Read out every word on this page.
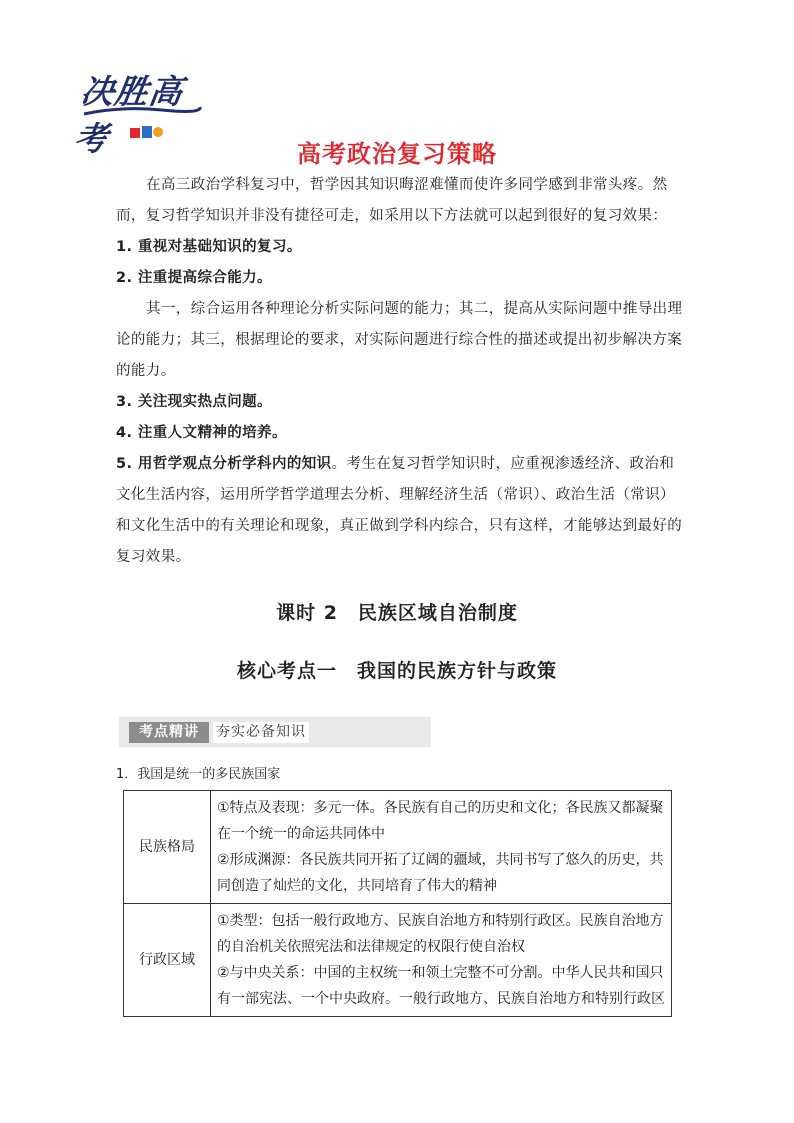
决胜高考	高考政治复习策略

在高三政治学科复习中，哲学因其知识晦涩难懂而使许多同学感到非常头疼。然而，复习哲学知识并非没有捷径可走，如采用以下方法就可以起到很好的复习效果：

1. 重视对基础知识的复习。

2. 注重提高综合能力。

其一，综合运用各种理论分析实际问题的能力；其二，提高从实际问题中推导出理论的能力；其三，根据理论的要求，对实际问题进行综合性的描述或提出初步解决方案的能力。

3. 关注现实热点问题。

4. 注重人文精神的培养。

5. 用哲学观点分析学科内的知识。考生在复习哲学知识时，应重视渗透经济、政治和文化生活内容，运用所学哲学道理去分析、理解经济生活（常识）、政治生活（常识）和文化生活中的有关理论和现象，真正做到学科内综合，只有这样，才能够达到最好的复习效果。

课时 2　民族区域自治制度
核心考点一　我国的民族方针与政策
考点精讲	夯实必备知识
1．我国是统一的多民族国家
民族格局	①特点及表现：多元一体。各民族有自己的历史和文化；各民族又都凝聚在一个统一的命运共同体中
②形成渊源：各民族共同开拓了辽阔的疆域，共同书写了悠久的历史，共同创造了灿烂的文化，共同培育了伟大的精神

行政区域	①类型：包括一般行政地方、民族自治地方和特别行政区。民族自治地方的自治机关依照宪法和法律规定的权限行使自治权
②与中央关系：中国的主权统一和领土完整不可分割。中华人民共和国只有一部宪法、一个中央政府。一般行政地方、民族自治地方和特别行政区
